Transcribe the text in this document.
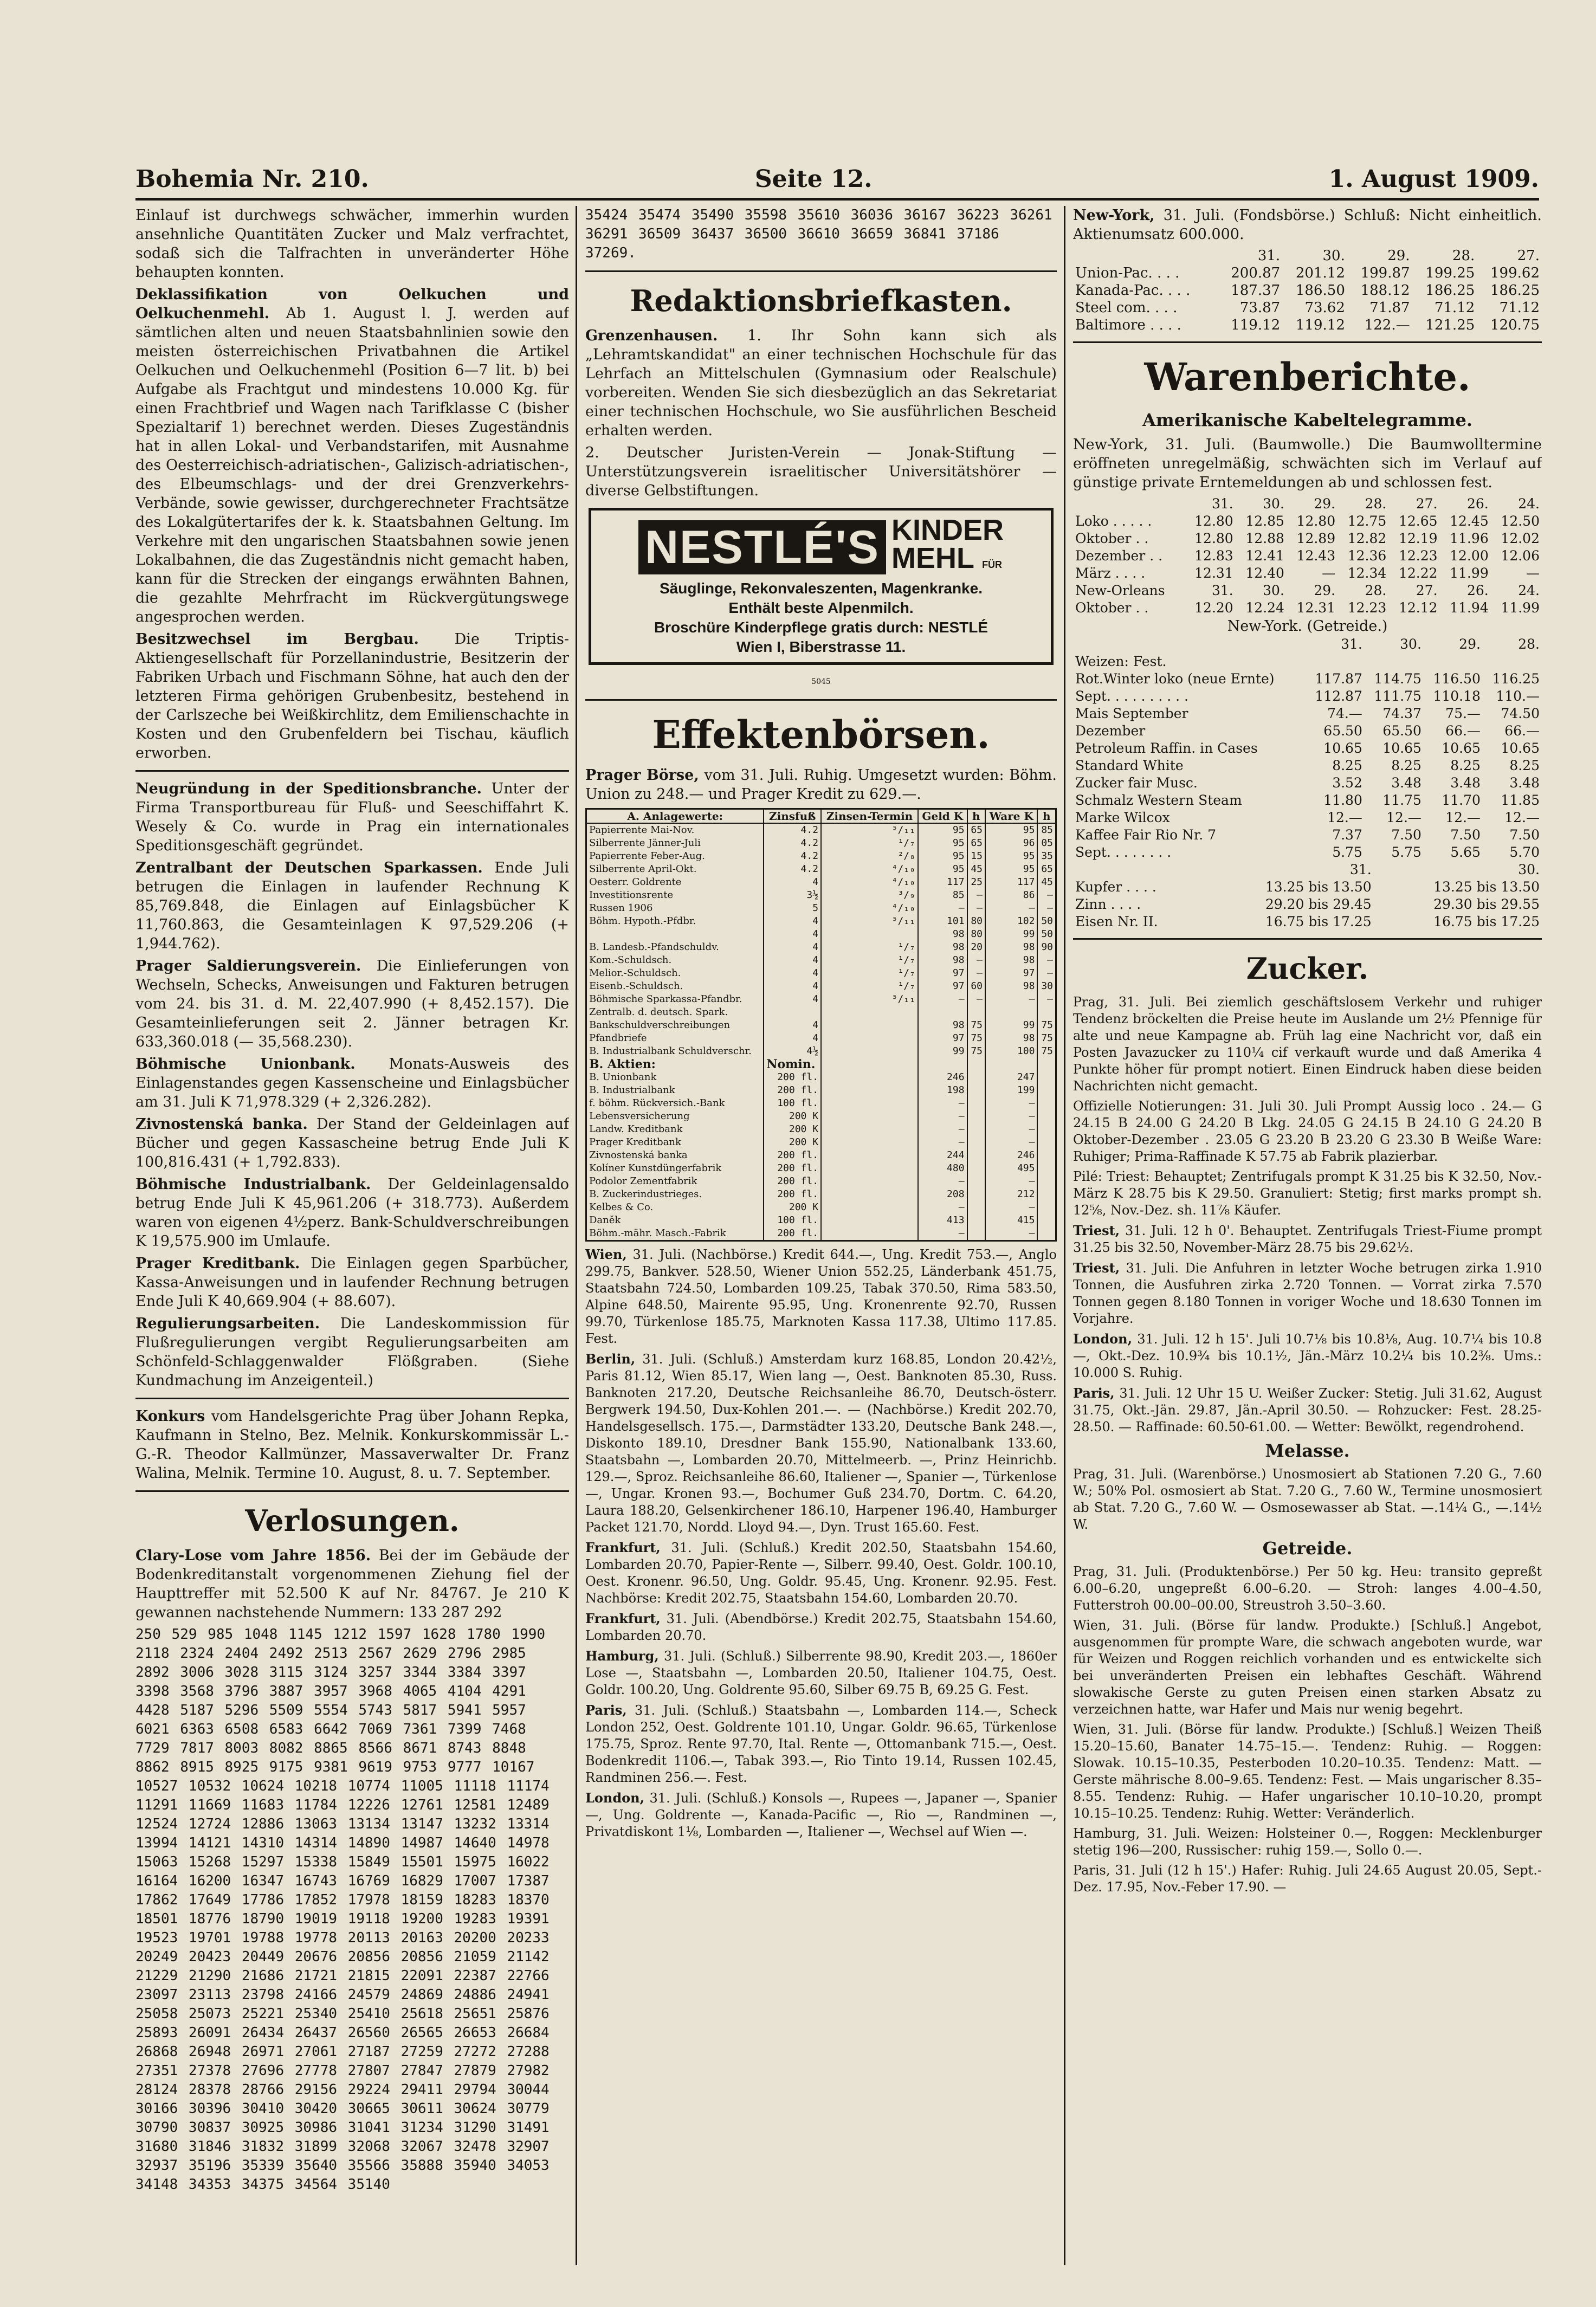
Bohemia Nr. 210.	Seite 12.	1. August 1909.

Einlauf ist durchwegs schwächer, immerhin wurden ansehnliche Quantitäten Zucker und Malz verfrachtet, sodaß sich die Talfrachten in unveränderter Höhe behaupten konnten.

Deklassifikation von Oelkuchen und Oelkuchenmehl. Ab 1. August l. J. werden auf sämtlichen alten und neuen Staatsbahnlinien sowie den meisten österreichischen Privatbahnen die Artikel Oelkuchen und Oelkuchenmehl (Position 6—7 lit. b) bei Aufgabe als Frachtgut und mindestens 10.000 Kg. für einen Frachtbrief und Wagen nach Tarifklasse C (bisher Spezialtarif 1) berechnet werden. Dieses Zugeständnis hat in allen Lokal- und Verbandstarifen, mit Ausnahme des Oesterreichisch-adriatischen-, Galizisch-adriatischen-, des Elbeumschlags- und der drei Grenzverkehrs-Verbände, sowie gewisser, durchgerechneter Frachtsätze des Lokalgütertarifes der k. k. Staatsbahnen Geltung. Im Verkehre mit den ungarischen Staatsbahnen sowie jenen Lokalbahnen, die das Zugeständnis nicht gemacht haben, kann für die Strecken der eingangs erwähnten Bahnen, die gezahlte Mehrfracht im Rückvergütungswege angesprochen werden.

Besitzwechsel im Bergbau. Die Triptis-Aktiengesellschaft für Porzellanindustrie, Besitzerin der Fabriken Urbach und Fischmann Söhne, hat auch den der letzteren Firma gehörigen Grubenbesitz, bestehend in der Carlszeche bei Weißkirchlitz, dem Emilienschachte in Kosten und den Grubenfeldern bei Tischau, käuflich erworben.

Neugründung in der Speditionsbranche. Unter der Firma Transportbureau für Fluß- und Seeschiffahrt K. Wesely & Co. wurde in Prag ein internationales Speditionsgeschäft gegründet.

Zentralbant der Deutschen Sparkassen. Ende Juli betrugen die Einlagen in laufender Rechnung K 85,769.848, die Einlagen auf Einlagsbücher K 11,760.863, die Gesamteinlagen K 97,529.206 (+ 1,944.762).

Prager Saldierungsverein. Die Einlieferungen von Wechseln, Schecks, Anweisungen und Fakturen betrugen vom 24. bis 31. d. M. 22,407.990 (+ 8,452.157). Die Gesamteinlieferungen seit 2. Jänner betragen Kr. 633,360.018 (— 35,568.230).

Böhmische Unionbank. Monats-Ausweis des Einlagenstandes gegen Kassenscheine und Einlagsbücher am 31. Juli K 71,978.329 (+ 2,326.282).

Zivnostenská banka. Der Stand der Geldeinlagen auf Bücher und gegen Kassascheine betrug Ende Juli K 100,816.431 (+ 1,792.833).

Böhmische Industrialbank. Der Geldeinlagensaldo betrug Ende Juli K 45,961.206 (+ 318.773). Außerdem waren von eigenen 4½perz. Bank-Schuldverschreibungen K 19,575.900 im Umlaufe.

Prager Kreditbank. Die Einlagen gegen Sparbücher, Kassa-Anweisungen und in laufender Rechnung betrugen Ende Juli K 40,669.904 (+ 88.607).

Regulierungsarbeiten. Die Landeskommission für Flußregulierungen vergibt Regulierungsarbeiten am Schönfeld-Schlaggenwalder Flößgraben. (Siehe Kundmachung im Anzeigenteil.)

Konkurs vom Handelsgerichte Prag über Johann Repka, Kaufmann in Stelno, Bez. Melnik. Konkurskommissär L.-G.-R. Theodor Kallmünzer, Massaverwalter Dr. Franz Walina, Melnik. Termine 10. August, 8. u. 7. September.

Verlosungen.

Clary-Lose vom Jahre 1856. Bei der im Gebäude der Bodenkreditanstalt vorgenommenen Ziehung fiel der Haupttreffer mit 52.500 K auf Nr. 84767. Je 210 K gewannen nachstehende Nummern: 133 287 292

250 529 985 1048 1145 1212 1597 1628 1780 1990 2118 2324 2404 2492 2513 2567 2629 2796 2985 2892 3006 3028 3115 3124 3257 3344 3384 3397 3398 3568 3796 3887 3957 3968 4065 4104 4291 4428 5187 5296 5509 5554 5743 5817 5941 5957 6021 6363 6508 6583 6642 7069 7361 7399 7468 7729 7817 8003 8082 8865 8566 8671 8743 8848 8862 8915 8925 9175 9381 9619 9753 9777 10167 10527 10532 10624 10218 10774 11005 11118 11174 11291 11669 11683 11784 12226 12761 12581 12489 12524 12724 12886 13063 13134 13147 13232 13314 13994 14121 14310 14314 14890 14987 14640 14978 15063 15268 15297 15338 15849 15501 15975 16022 16164 16200 16347 16743 16769 16829 17007 17387 17862 17649 17786 17852 17978 18159 18283 18370 18501 18776 18790 19019 19118 19200 19283 19391 19523 19701 19788 19778 20113 20163 20200 20233 20249 20423 20449 20676 20856 20856 21059 21142 21229 21290 21686 21721 21815 22091 22387 22766 23097 23113 23798 24166 24579 24869 24886 24941 25058 25073 25221 25340 25410 25618 25651 25876 25893 26091 26434 26437 26560 26565 26653 26684 26868 26948 26971 27061 27187 27259 27272 27288 27351 27378 27696 27778 27807 27847 27879 27982 28124 28378 28766 29156 29224 29411 29794 30044 30166 30396 30410 30420 30665 30611 30624 30779 30790 30837 30925 30986 31041 31234 31290 31491 31680 31846 31832 31899 32068 32067 32478 32907 32937 35196 35339 35640 35566 35888 35940 34053 34148 34353 34375 34564 35140
35424 35474 35490 35598 35610 36036 36167 36223 36261 36291 36509 36437 36500 36610 36659 36841 37186 37269.
Redaktionsbriefkasten.

Grenzenhausen. 1. Ihr Sohn kann sich als „Lehramtskandidat" an einer technischen Hochschule für das Lehrfach an Mittelschulen (Gymnasium oder Realschule) vorbereiten. Wenden Sie sich diesbezüglich an das Sekretariat einer technischen Hochschule, wo Sie ausführlichen Bescheid erhalten werden.

2. Deutscher Juristen-Verein — Jonak-Stiftung — Unterstützungsverein israelitischer Universitätshörer — diverse Gelbstiftungen.

NESTLÉ'S KINDER
MEHL FÜR
Säuglinge, Rekonvaleszenten, Magenkranke.
Enthält beste Alpenmilch.
Broschüre Kinderpflege gratis durch: NESTLÉ
Wien I, Biberstrasse 11.
5045
Effektenbörsen.

Prager Börse, vom 31. Juli. Ruhig. Umgesetzt wurden: Böhm. Union zu 248.— und Prager Kredit zu 629.—.

A. Anlagewerte:	Zinsfuß	Zinsen-Termin	Geld K	h	Ware K	h
Papierrente Mai-Nov.	4.2	⁵/₁₁	95	65	95	85
Silberrente Jänner-Juli	4.2	¹/₇	95	65	96	05
Papierrente Feber-Aug.	4.2	²/₈	95	15	95	35
Silberrente April-Okt.	4.2	⁴/₁₀	95	45	95	65
Oesterr. Goldrente	4	⁴/₁₀	117	25	117	45
Investitionsrente	3½	³/₉	85	—	86	—
Russen 1906	5	⁴/₁₀	—	—	—	—
Böhm. Hypoth.-Pfdbr.	4	⁵/₁₁	101	80	102	50
	4		98	80	99	50
B. Landesb.-Pfandschuldv.	4	¹/₇	98	20	98	90
Kom.-Schuldsch.	4	¹/₇	98	—	98	—
Melior.-Schuldsch.	4	¹/₇	97	—	97	—
Eisenb.-Schuldsch.	4	¹/₇	97	60	98	30
Böhmische Sparkassa-Pfandbr.	4	⁵/₁₁	—	—	—	—
Zentralb. d. deutsch. Spark.						
Bankschuldverschreibungen	4		98	75	99	75
Pfandbriefe	4		97	75	98	75
B. Industrialbank Schuldverschr.	4½		99	75	100	75
B. Aktien:	Nomin.					
B. Unionbank	200 fl.		246		247	
B. Industrialbank	200 fl.		198		199	
f. böhm. Rückversich.-Bank	100 fl.		—		—	
Lebensversicherung	200 K		—		—	
Landw. Kreditbank	200 K		—		—	
Prager Kreditbank	200 K		—		—	
Zivnostenská banka	200 fl.		244		246	
Kolíner Kunstdüngerfabrik	200 fl.		480		495	
Podolor Zementfabrik	200 fl.		—		—	
B. Zuckerindustrieges.	200 fl.		208		212	
Kelbes & Co.	200 K		—		—	
Daněk	100 fl.		413		415	
Böhm.-mähr. Masch.-Fabrik	200 fl.		—		—	

Wien, 31. Juli. (Nachbörse.) Kredit 644.—, Ung. Kredit 753.—, Anglo 299.75, Bankver. 528.50, Wiener Union 552.25, Länderbank 451.75, Staatsbahn 724.50, Lombarden 109.25, Tabak 370.50, Rima 583.50, Alpine 648.50, Mairente 95.95, Ung. Kronenrente 92.70, Russen 99.70, Türkenlose 185.75, Marknoten Kassa 117.38, Ultimo 117.85. Fest.

Berlin, 31. Juli. (Schluß.) Amsterdam kurz 168.85, London 20.42½, Paris 81.12, Wien 85.17, Wien lang —, Oest. Banknoten 85.30, Russ. Banknoten 217.20, Deutsche Reichsanleihe 86.70, Deutsch-österr. Bergwerk 194.50, Dux-Kohlen 201.—. — (Nachbörse.) Kredit 202.70, Handelsgesellsch. 175.—, Darmstädter 133.20, Deutsche Bank 248.—, Diskonto 189.10, Dresdner Bank 155.90, Nationalbank 133.60, Staatsbahn —, Lombarden 20.70, Mittelmeerb. —, Prinz Heinrichb. 129.—, Sproz. Reichsanleihe 86.60, Italiener —, Spanier —, Türkenlose —, Ungar. Kronen 93.—, Bochumer Guß 234.70, Dortm. C. 64.20, Laura 188.20, Gelsenkirchener 186.10, Harpener 196.40, Hamburger Packet 121.70, Nordd. Lloyd 94.—, Dyn. Trust 165.60. Fest.

Frankfurt, 31. Juli. (Schluß.) Kredit 202.50, Staatsbahn 154.60, Lombarden 20.70, Papier-Rente —, Silberr. 99.40, Oest. Goldr. 100.10, Oest. Kronenr. 96.50, Ung. Goldr. 95.45, Ung. Kronenr. 92.95. Fest. Nachbörse: Kredit 202.75, Staatsbahn 154.60, Lombarden 20.70.

Frankfurt, 31. Juli. (Abendbörse.) Kredit 202.75, Staatsbahn 154.60, Lombarden 20.70.

Hamburg, 31. Juli. (Schluß.) Silberrente 98.90, Kredit 203.—, 1860er Lose —, Staatsbahn —, Lombarden 20.50, Italiener 104.75, Oest. Goldr. 100.20, Ung. Goldrente 95.60, Silber 69.75 B, 69.25 G. Fest.

Paris, 31. Juli. (Schluß.) Staatsbahn —, Lombarden 114.—, Scheck London 252, Oest. Goldrente 101.10, Ungar. Goldr. 96.65, Türkenlose 175.75, Sproz. Rente 97.70, Ital. Rente —, Ottomanbank 715.—, Oest. Bodenkredit 1106.—, Tabak 393.—, Rio Tinto 19.14, Russen 102.45, Randminen 256.—. Fest.

London, 31. Juli. (Schluß.) Konsols —, Rupees —, Japaner —, Spanier —, Ung. Goldrente —, Kanada-Pacific —, Rio —, Randminen —, Privatdiskont 1⅛, Lombarden —, Italiener —, Wechsel auf Wien —.

New-York, 31. Juli. (Fondsbörse.) Schluß: Nicht einheitlich. Aktienumsatz 600.000.

	31.	30.	29.	28.	27.
Union-Pac. . . .	200.87	201.12	199.87	199.25	199.62
Kanada-Pac. . . .	187.37	186.50	188.12	186.25	186.25
Steel com. . . .	73.87	73.62	71.87	71.12	71.12
Baltimore . . . .	119.12	119.12	122.—	121.25	120.75
Warenberichte.
Amerikanische Kabeltelegramme.

New-York, 31. Juli. (Baumwolle.) Die Baumwolltermine eröffneten unregelmäßig, schwächten sich im Verlauf auf günstige private Erntemeldungen ab und schlossen fest.

	31.	30.	29.	28.	27.	26.	24.
Loko . . . . .	12.80	12.85	12.80	12.75	12.65	12.45	12.50
Oktober . .	12.80	12.88	12.89	12.82	12.19	11.96	12.02
Dezember . .	12.83	12.41	12.43	12.36	12.23	12.00	12.06
März . . . .	12.31	12.40	—	12.34	12.22	11.99	—
New-Orleans	31.	30.	29.	28.	27.	26.	24.
Oktober . .	12.20	12.24	12.31	12.23	12.12	11.94	11.99
New-York. (Getreide.)
	31.	30.	29.	28.
Weizen: Fest.				
Rot.Winter loko (neue Ernte)	117.87	114.75	116.50	116.25
Sept. . . . . . . . . .	112.87	111.75	110.18	110.—
Mais September	74.—	74.37	75.—	74.50
Dezember	65.50	65.50	66.—	66.—
Petroleum Raffin. in Cases	10.65	10.65	10.65	10.65
Standard White	8.25	8.25	8.25	8.25
Zucker fair Musc.	3.52	3.48	3.48	3.48
Schmalz Western Steam	11.80	11.75	11.70	11.85
Marke Wilcox	12.—	12.—	12.—	12.—
Kaffee Fair Rio Nr. 7	7.37	7.50	7.50	7.50
Sept. . . . . . . .	5.75	5.75	5.65	5.70
	31.	30.
Kupfer . . . .	13.25 bis 13.50	13.25 bis 13.50
Zinn . . . .	29.20 bis 29.45	29.30 bis 29.55
Eisen Nr. II.	16.75 bis 17.25	16.75 bis 17.25
Zucker.

Prag, 31. Juli. Bei ziemlich geschäftslosem Verkehr und ruhiger Tendenz bröckelten die Preise heute im Auslande um 2½ Pfennige für alte und neue Kampagne ab. Früh lag eine Nachricht vor, daß ein Posten Javazucker zu 110¼ cif verkauft wurde und daß Amerika 4 Punkte höher für prompt notiert. Einen Eindruck haben diese beiden Nachrichten nicht gemacht.

Offizielle Notierungen: 31. Juli 30. Juli Prompt Aussig loco . 24.— G 24.15 B 24.00 G 24.20 B Lkg. 24.05 G 24.15 B 24.10 G 24.20 B Oktober-Dezember . 23.05 G 23.20 B 23.20 G 23.30 B Weiße Ware: Ruhiger; Prima-Raffinade K 57.75 ab Fabrik plazierbar.

Pilé: Triest: Behauptet; Zentrifugals prompt K 31.25 bis K 32.50, Nov.-März K 28.75 bis K 29.50. Granuliert: Stetig; first marks prompt sh. 12⅝, Nov.-Dez. sh. 11⅞ Käufer.

Triest, 31. Juli. 12 h 0'. Behauptet. Zentrifugals Triest-Fiume prompt 31.25 bis 32.50, November-März 28.75 bis 29.62½.

Triest, 31. Juli. Die Anfuhren in letzter Woche betrugen zirka 1.910 Tonnen, die Ausfuhren zirka 2.720 Tonnen. — Vorrat zirka 7.570 Tonnen gegen 8.180 Tonnen in voriger Woche und 18.630 Tonnen im Vorjahre.

London, 31. Juli. 12 h 15'. Juli 10.7⅛ bis 10.8⅛, Aug. 10.7¼ bis 10.8—, Okt.-Dez. 10.9¾ bis 10.1½, Jän.-März 10.2¼ bis 10.2⅜. Ums.: 10.000 S. Ruhig.

Paris, 31. Juli. 12 Uhr 15 U. Weißer Zucker: Stetig. Juli 31.62, August 31.75, Okt.-Jän. 29.87, Jän.-April 30.50. — Rohzucker: Fest. 28.25-28.50. — Raffinade: 60.50-61.00. — Wetter: Bewölkt, regendrohend.

Melasse.

Prag, 31. Juli. (Warenbörse.) Unosmosiert ab Stationen 7.20 G., 7.60 W.; 50% Pol. osmosiert ab Stat. 7.20 G., 7.60 W., Termine unosmosiert ab Stat. 7.20 G., 7.60 W. — Osmosewasser ab Stat. —.14¼ G., —.14½ W.

Getreide.

Prag, 31. Juli. (Produktenbörse.) Per 50 kg. Heu: transito gepreßt 6.00–6.20, ungepreßt 6.00–6.20. — Stroh: langes 4.00–4.50, Futterstroh 00.00–00.00, Streustroh 3.50–3.60.

Wien, 31. Juli. (Börse für landw. Produkte.) [Schluß.] Angebot, ausgenommen für prompte Ware, die schwach angeboten wurde, war für Weizen und Roggen reichlich vorhanden und es entwickelte sich bei unveränderten Preisen ein lebhaftes Geschäft. Während slowakische Gerste zu guten Preisen einen starken Absatz zu verzeichnen hatte, war Hafer und Mais nur wenig begehrt.

Wien, 31. Juli. (Börse für landw. Produkte.) [Schluß.] Weizen Theiß 15.20–15.60, Banater 14.75–15.—. Tendenz: Ruhig. — Roggen: Slowak. 10.15–10.35, Pesterboden 10.20–10.35. Tendenz: Matt. — Gerste mährische 8.00–9.65. Tendenz: Fest. — Mais ungarischer 8.35–8.55. Tendenz: Ruhig. — Hafer ungarischer 10.10–10.20, prompt 10.15–10.25. Tendenz: Ruhig. Wetter: Veränderlich.

Hamburg, 31. Juli. Weizen: Holsteiner 0.—, Roggen: Mecklenburger stetig 196—200, Russischer: ruhig 159.—, Sollo 0.—.

Paris, 31. Juli (12 h 15'.) Hafer: Ruhig. Juli 24.65 August 20.05, Sept.-Dez. 17.95, Nov.-Feber 17.90. —
